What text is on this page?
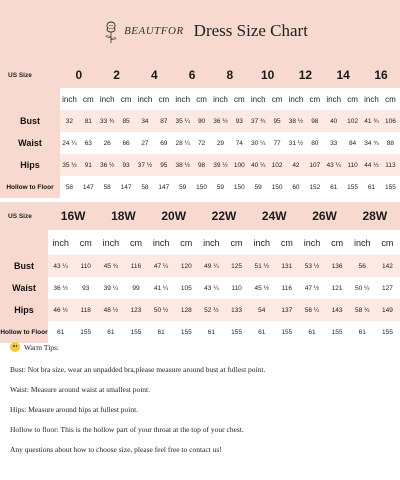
BEAUTFOR Dress Size Chart
US Size	0		2		4		6		8		10		12		14		16	
	inch	cm	inch	cm	inch	cm	inch	cm	inch	cm	inch	cm	inch	cm	inch	cm	inch	cm
Bust	32	81	33 ¾	85	34	87	35 ¼	90	36 ½	93	37 ¾	95	38 ½	98	40	102	41 ¾	106
Waist	24 ¼	63	26	66	27	69	28 ¼	72	29	74	30 ¼	77	31 ½	80	33	84	34 ¾	88
Hips	35 ½	91	36 ½	93	37 ½	95	38 ½	98	39 ½	100	40 ¼	102	42	107	43 ¼	110	44 ½	113
Hollow to Floor	58	147	58	147	58	147	59	150	59	150	59	150	60	152	61	155	61	155
US Size	16W		18W		20W		22W		24W		26W		28W	
	inch	cm	inch	cm	inch	cm	inch	cm	inch	cm	inch	cm	inch	cm
Bust	43 ¼	110	45 ¾	116	47 ¼	120	49 ¼	125	51 ½	131	53 ½	136	56	142
Waist	36 ½	93	39 ¼	99	41 ¼	105	43 ¼	110	45 ½	116	47 ½	121	50 ¼	127
Hips	46 ½	118	48 ½	123	50 ½	128	52 ½	133	54	137	56 ¼	143	58 ¾	149
Hollow to Floor	61	155	61	155	61	155	61	155	61	155	61	155	61	155
Warm Tips:
Bust: Not bra size, wear an unpadded bra,please measure around bust at fullest point.
Waist: Measure around waist at smallest point.
Hips: Measure around hips at fullest point.
Hollow to floor: This is the hollow part of your throat at the top of your chest.
Any questions about how to choose size, please feel free to contact us!
